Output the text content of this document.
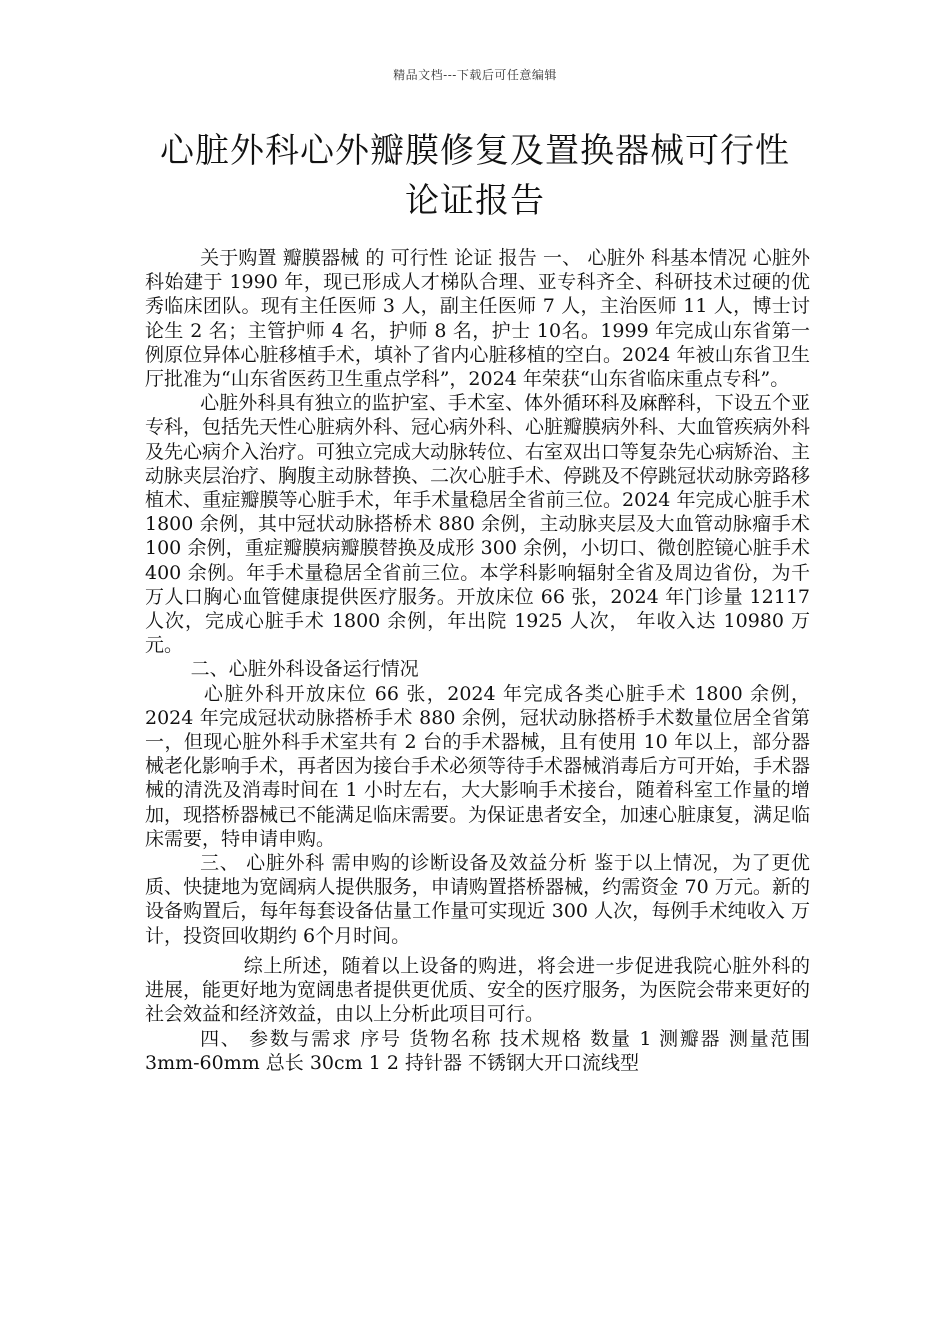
精品文档---下载后可任意编辑
心脏外科心外瓣膜修复及置换器械可行性
论证报告

关于购置 瓣膜器械 的 可行性 论证 报告 一、 心脏外 科基本情况 心脏外科始建于 1990 年，现已形成人才梯队合理、亚专科齐全、科研技术过硬的优秀临床团队。现有主任医师 3 人，副主任医师 7 人，主治医师 11 人，博士讨论生 2 名；主管护师 4 名，护师 8 名，护士 10名。1999 年完成山东省第一例原位异体心脏移植手术，填补了省内心脏移植的空白。2024 年被山东省卫生厅批准为“山东省医药卫生重点学科”，2024 年荣获“山东省临床重点专科”。

心脏外科具有独立的监护室、手术室、体外循环科及麻醉科，下设五个亚专科，包括先天性心脏病外科、冠心病外科、心脏瓣膜病外科、大血管疾病外科及先心病介入治疗。可独立完成大动脉转位、右室双出口等复杂先心病矫治、主动脉夹层治疗、胸腹主动脉替换、二次心脏手术、停跳及不停跳冠状动脉旁路移植术、重症瓣膜等心脏手术，年手术量稳居全省前三位。2024 年完成心脏手术 1800 余例，其中冠状动脉搭桥术 880 余例，主动脉夹层及大血管动脉瘤手术 100 余例，重症瓣膜病瓣膜替换及成形 300 余例，小切口、微创腔镜心脏手术 400 余例。年手术量稳居全省前三位。本学科影响辐射全省及周边省份，为千万人口胸心血管健康提供医疗服务。开放床位 66 张，2024 年门诊量 12117 人次，完成心脏手术 1800 余例，年出院 1925 人次， 年收入达 10980 万元。

二、心脏外科设备运行情况

心脏外科开放床位 66 张，2024 年完成各类心脏手术 1800 余例，2024 年完成冠状动脉搭桥手术 880 余例，冠状动脉搭桥手术数量位居全省第一，但现心脏外科手术室共有 2 台的手术器械，且有使用 10 年以上，部分器械老化影响手术，再者因为接台手术必须等待手术器械消毒后方可开始，手术器械的清洗及消毒时间在 1 小时左右，大大影响手术接台，随着科室工作量的增加，现搭桥器械已不能满足临床需要。为保证患者安全，加速心脏康复，满足临床需要，特申请申购。

三、 心脏外科 需申购的诊断设备及效益分析 鉴于以上情况，为了更优质、快捷地为宽阔病人提供服务，申请购置搭桥器械，约需资金 70 万元。新的设备购置后，每年每套设备估量工作量可实现近 300 人次，每例手术纯收入 万计，投资回收期约 6个月时间。

综上所述，随着以上设备的购进，将会进一步促进我院心脏外科的进展，能更好地为宽阔患者提供更优质、安全的医疗服务，为医院会带来更好的社会效益和经济效益，由以上分析此项目可行。

四、 参数与需求 序号 货物名称 技术规格 数量 1 测瓣器 测量范围 3mm-60mm 总长 30cm 1 2 持针器 不锈钢大开口流线型
